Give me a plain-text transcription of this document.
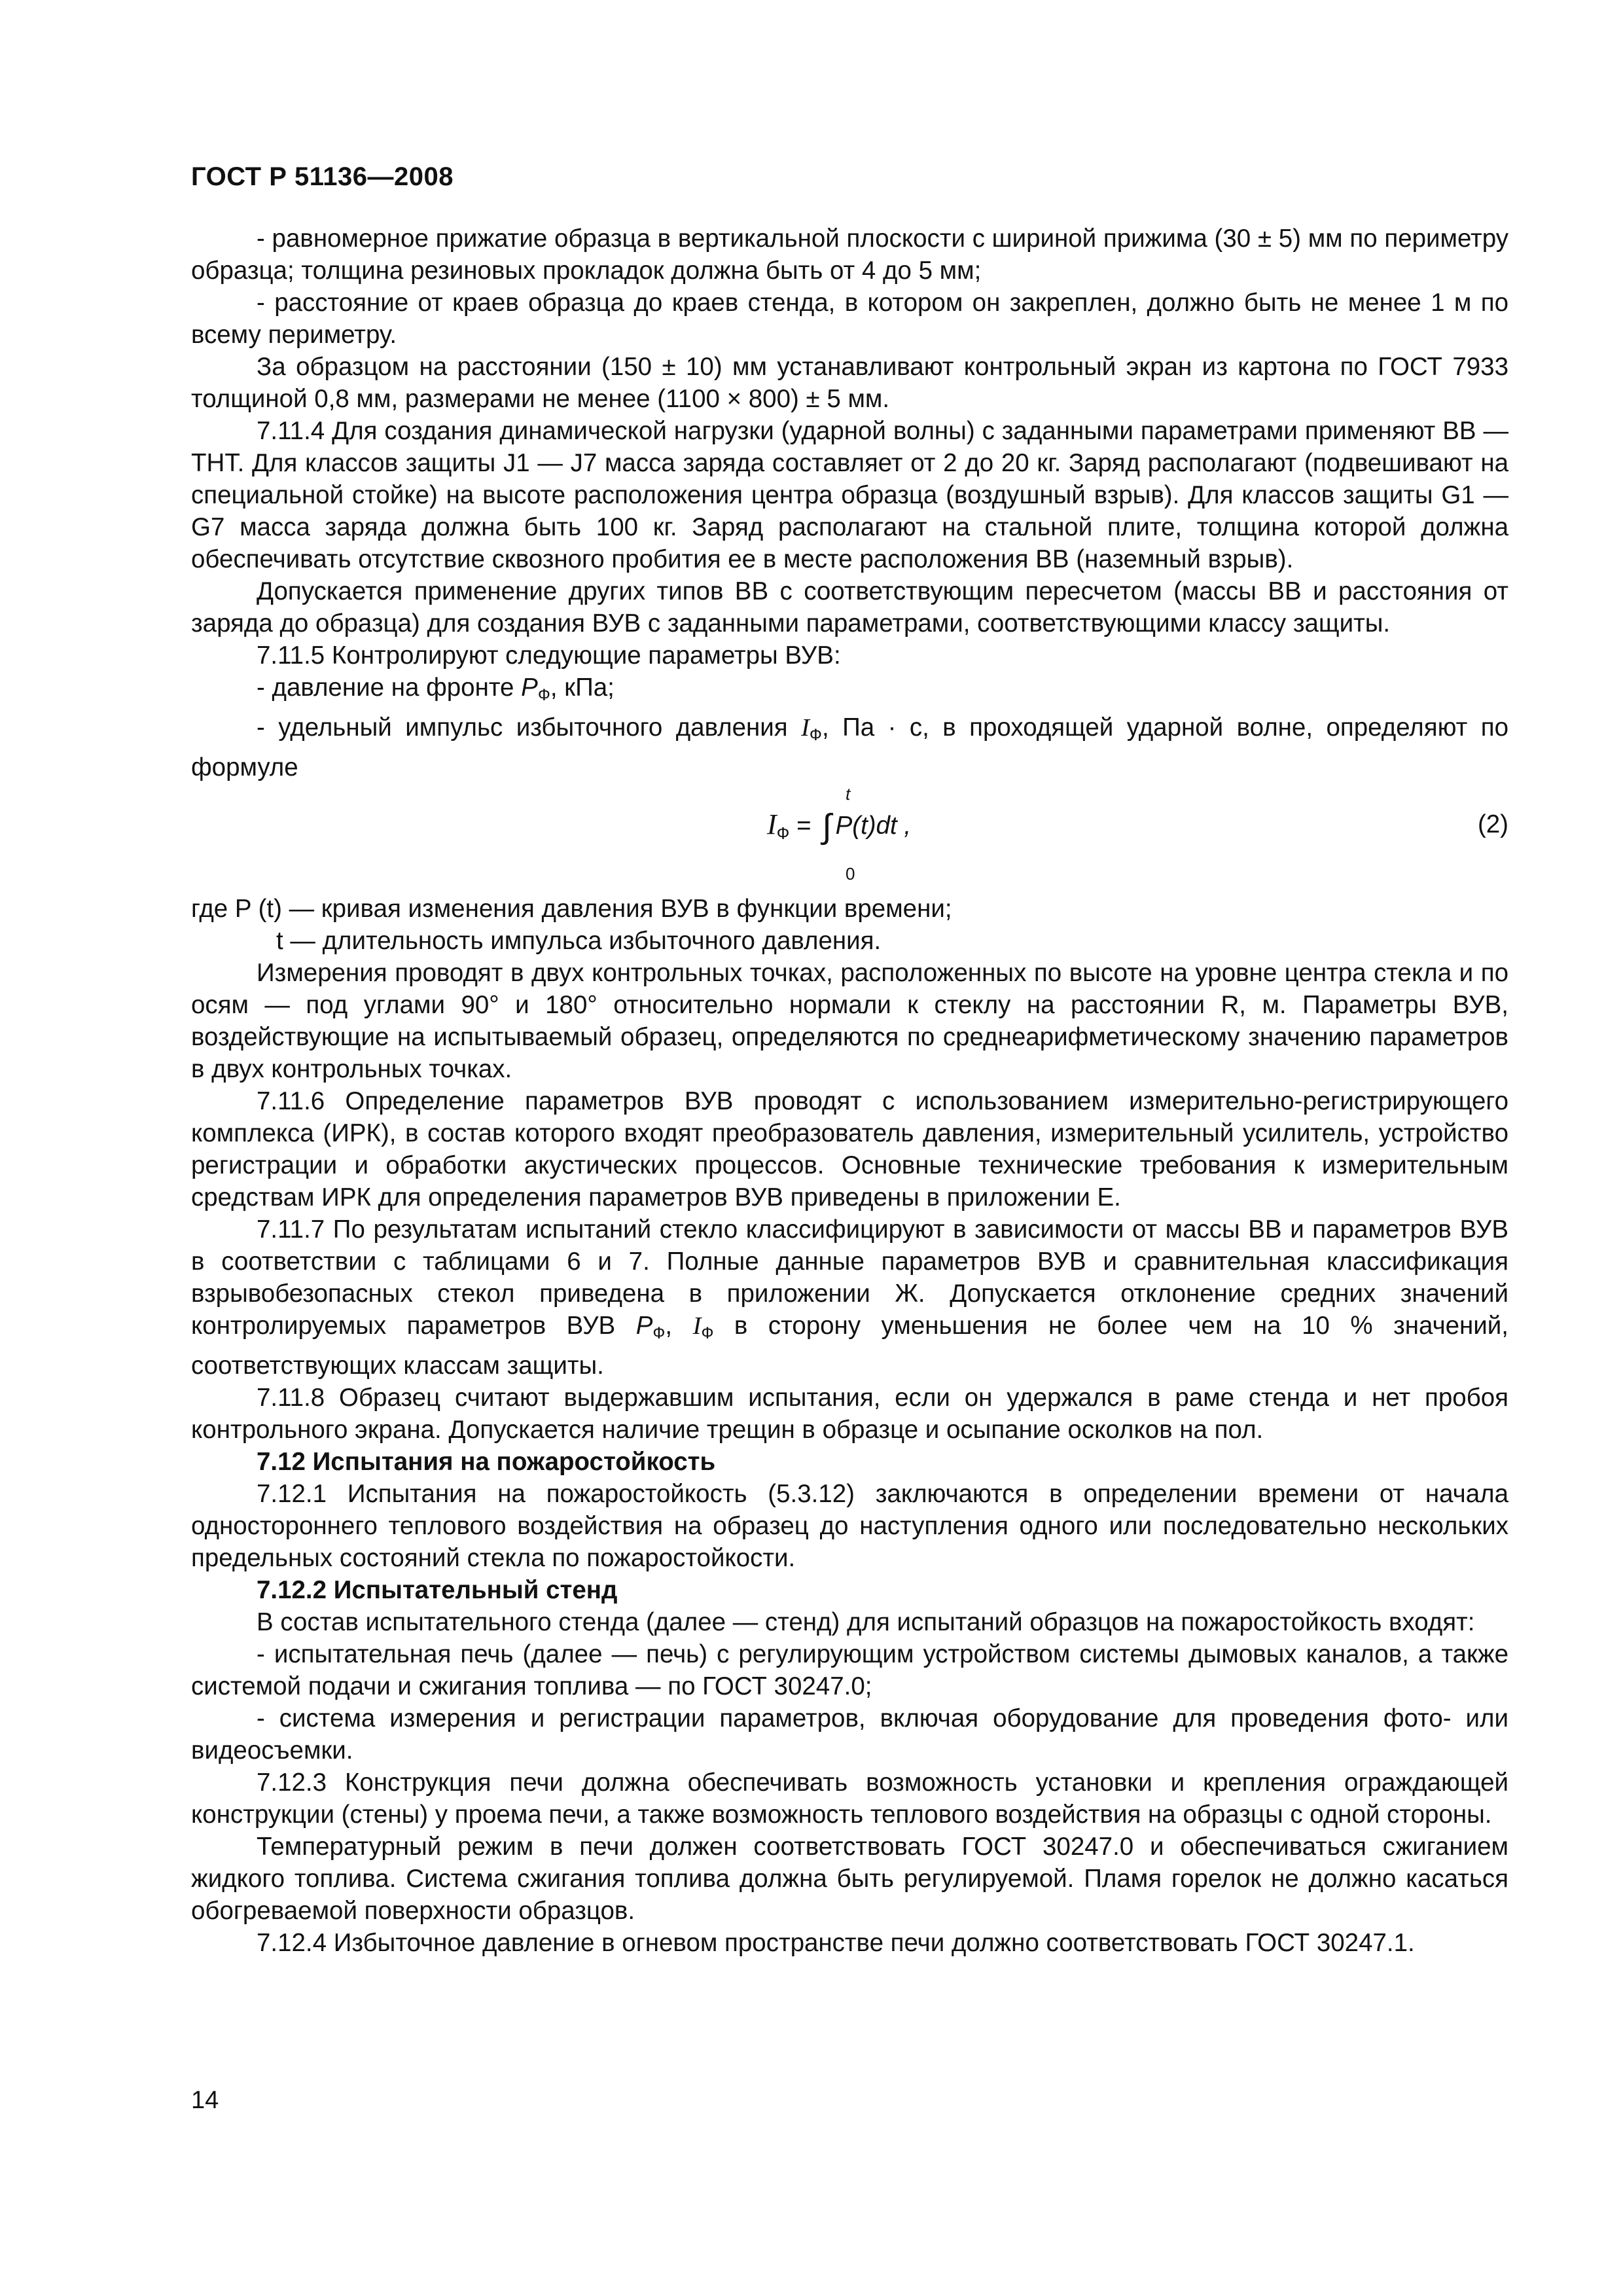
ГОСТ Р 51136—2008

- равномерное прижатие образца в вертикальной плоскости с шириной прижима (30 ± 5) мм по периметру образца; толщина резиновых прокладок должна быть от 4 до 5 мм;

- расстояние от краев образца до краев стенда, в котором он закреплен, должно быть не менее 1 м по всему периметру.

За образцом на расстоянии (150 ± 10) мм устанавливают контрольный экран из картона по ГОСТ 7933 толщиной 0,8 мм, размерами не менее (1100 × 800) ± 5 мм.

7.11.4 Для создания динамической нагрузки (ударной волны) с заданными параметрами применяют ВВ — ТНТ. Для классов защиты J1 — J7 масса заряда составляет от 2 до 20 кг. Заряд располагают (подвешивают на специальной стойке) на высоте расположения центра образца (воздушный взрыв). Для классов защиты G1 — G7 масса заряда должна быть 100 кг. Заряд располагают на стальной плите, толщина которой должна обеспечивать отсутствие сквозного пробития ее в месте расположения ВВ (наземный взрыв).

Допускается применение других типов ВВ с соответствующим пересчетом (массы ВВ и расстояния от заряда до образца) для создания ВУВ с заданными параметрами, соответствующими классу защиты.

7.11.5 Контролируют следующие параметры ВУВ:

- давление на фронте PФ, кПа;

- удельный импульс избыточного давления IФ, Па · с, в проходящей ударной волне, определяют по формуле

t
$I_Ф$ = ∫ P(t)dt ,
0
(2)

где P (t) — кривая изменения давления ВУВ в функции времени;

t — длительность импульса избыточного давления.

Измерения проводят в двух контрольных точках, расположенных по высоте на уровне центра стекла и по осям — под углами 90° и 180° относительно нормали к стеклу на расстоянии R, м. Параметры ВУВ, воздействующие на испытываемый образец, определяются по среднеарифметическому значению параметров в двух контрольных точках.

7.11.6 Определение параметров ВУВ проводят с использованием измерительно-регистрирующего комплекса (ИРК), в состав которого входят преобразователь давления, измерительный усилитель, устройство регистрации и обработки акустических процессов. Основные технические требования к измерительным средствам ИРК для определения параметров ВУВ приведены в приложении Е.

7.11.7 По результатам испытаний стекло классифицируют в зависимости от массы ВВ и параметров ВУВ в соответствии с таблицами 6 и 7. Полные данные параметров ВУВ и сравнительная классификация взрывобезопасных стекол приведена в приложении Ж. Допускается отклонение средних значений контролируемых параметров ВУВ PФ, IФ в сторону уменьшения не более чем на 10 % значений, соответствующих классам защиты.

7.11.8 Образец считают выдержавшим испытания, если он удержался в раме стенда и нет пробоя контрольного экрана. Допускается наличие трещин в образце и осыпание осколков на пол.

7.12 Испытания на пожаростойкость

7.12.1 Испытания на пожаростойкость (5.3.12) заключаются в определении времени от начала одностороннего теплового воздействия на образец до наступления одного или последовательно нескольких предельных состояний стекла по пожаростойкости.

7.12.2 Испытательный стенд

В состав испытательного стенда (далее — стенд) для испытаний образцов на пожаростойкость входят:

- испытательная печь (далее — печь) с регулирующим устройством системы дымовых каналов, а также системой подачи и сжигания топлива — по ГОСТ 30247.0;

- система измерения и регистрации параметров, включая оборудование для проведения фото- или видеосъемки.

7.12.3 Конструкция печи должна обеспечивать возможность установки и крепления ограждающей конструкции (стены) у проема печи, а также возможность теплового воздействия на образцы с одной стороны.

Температурный режим в печи должен соответствовать ГОСТ 30247.0 и обеспечиваться сжиганием жидкого топлива. Система сжигания топлива должна быть регулируемой. Пламя горелок не должно касаться обогреваемой поверхности образцов.

7.12.4 Избыточное давление в огневом пространстве печи должно соответствовать ГОСТ 30247.1.

14
